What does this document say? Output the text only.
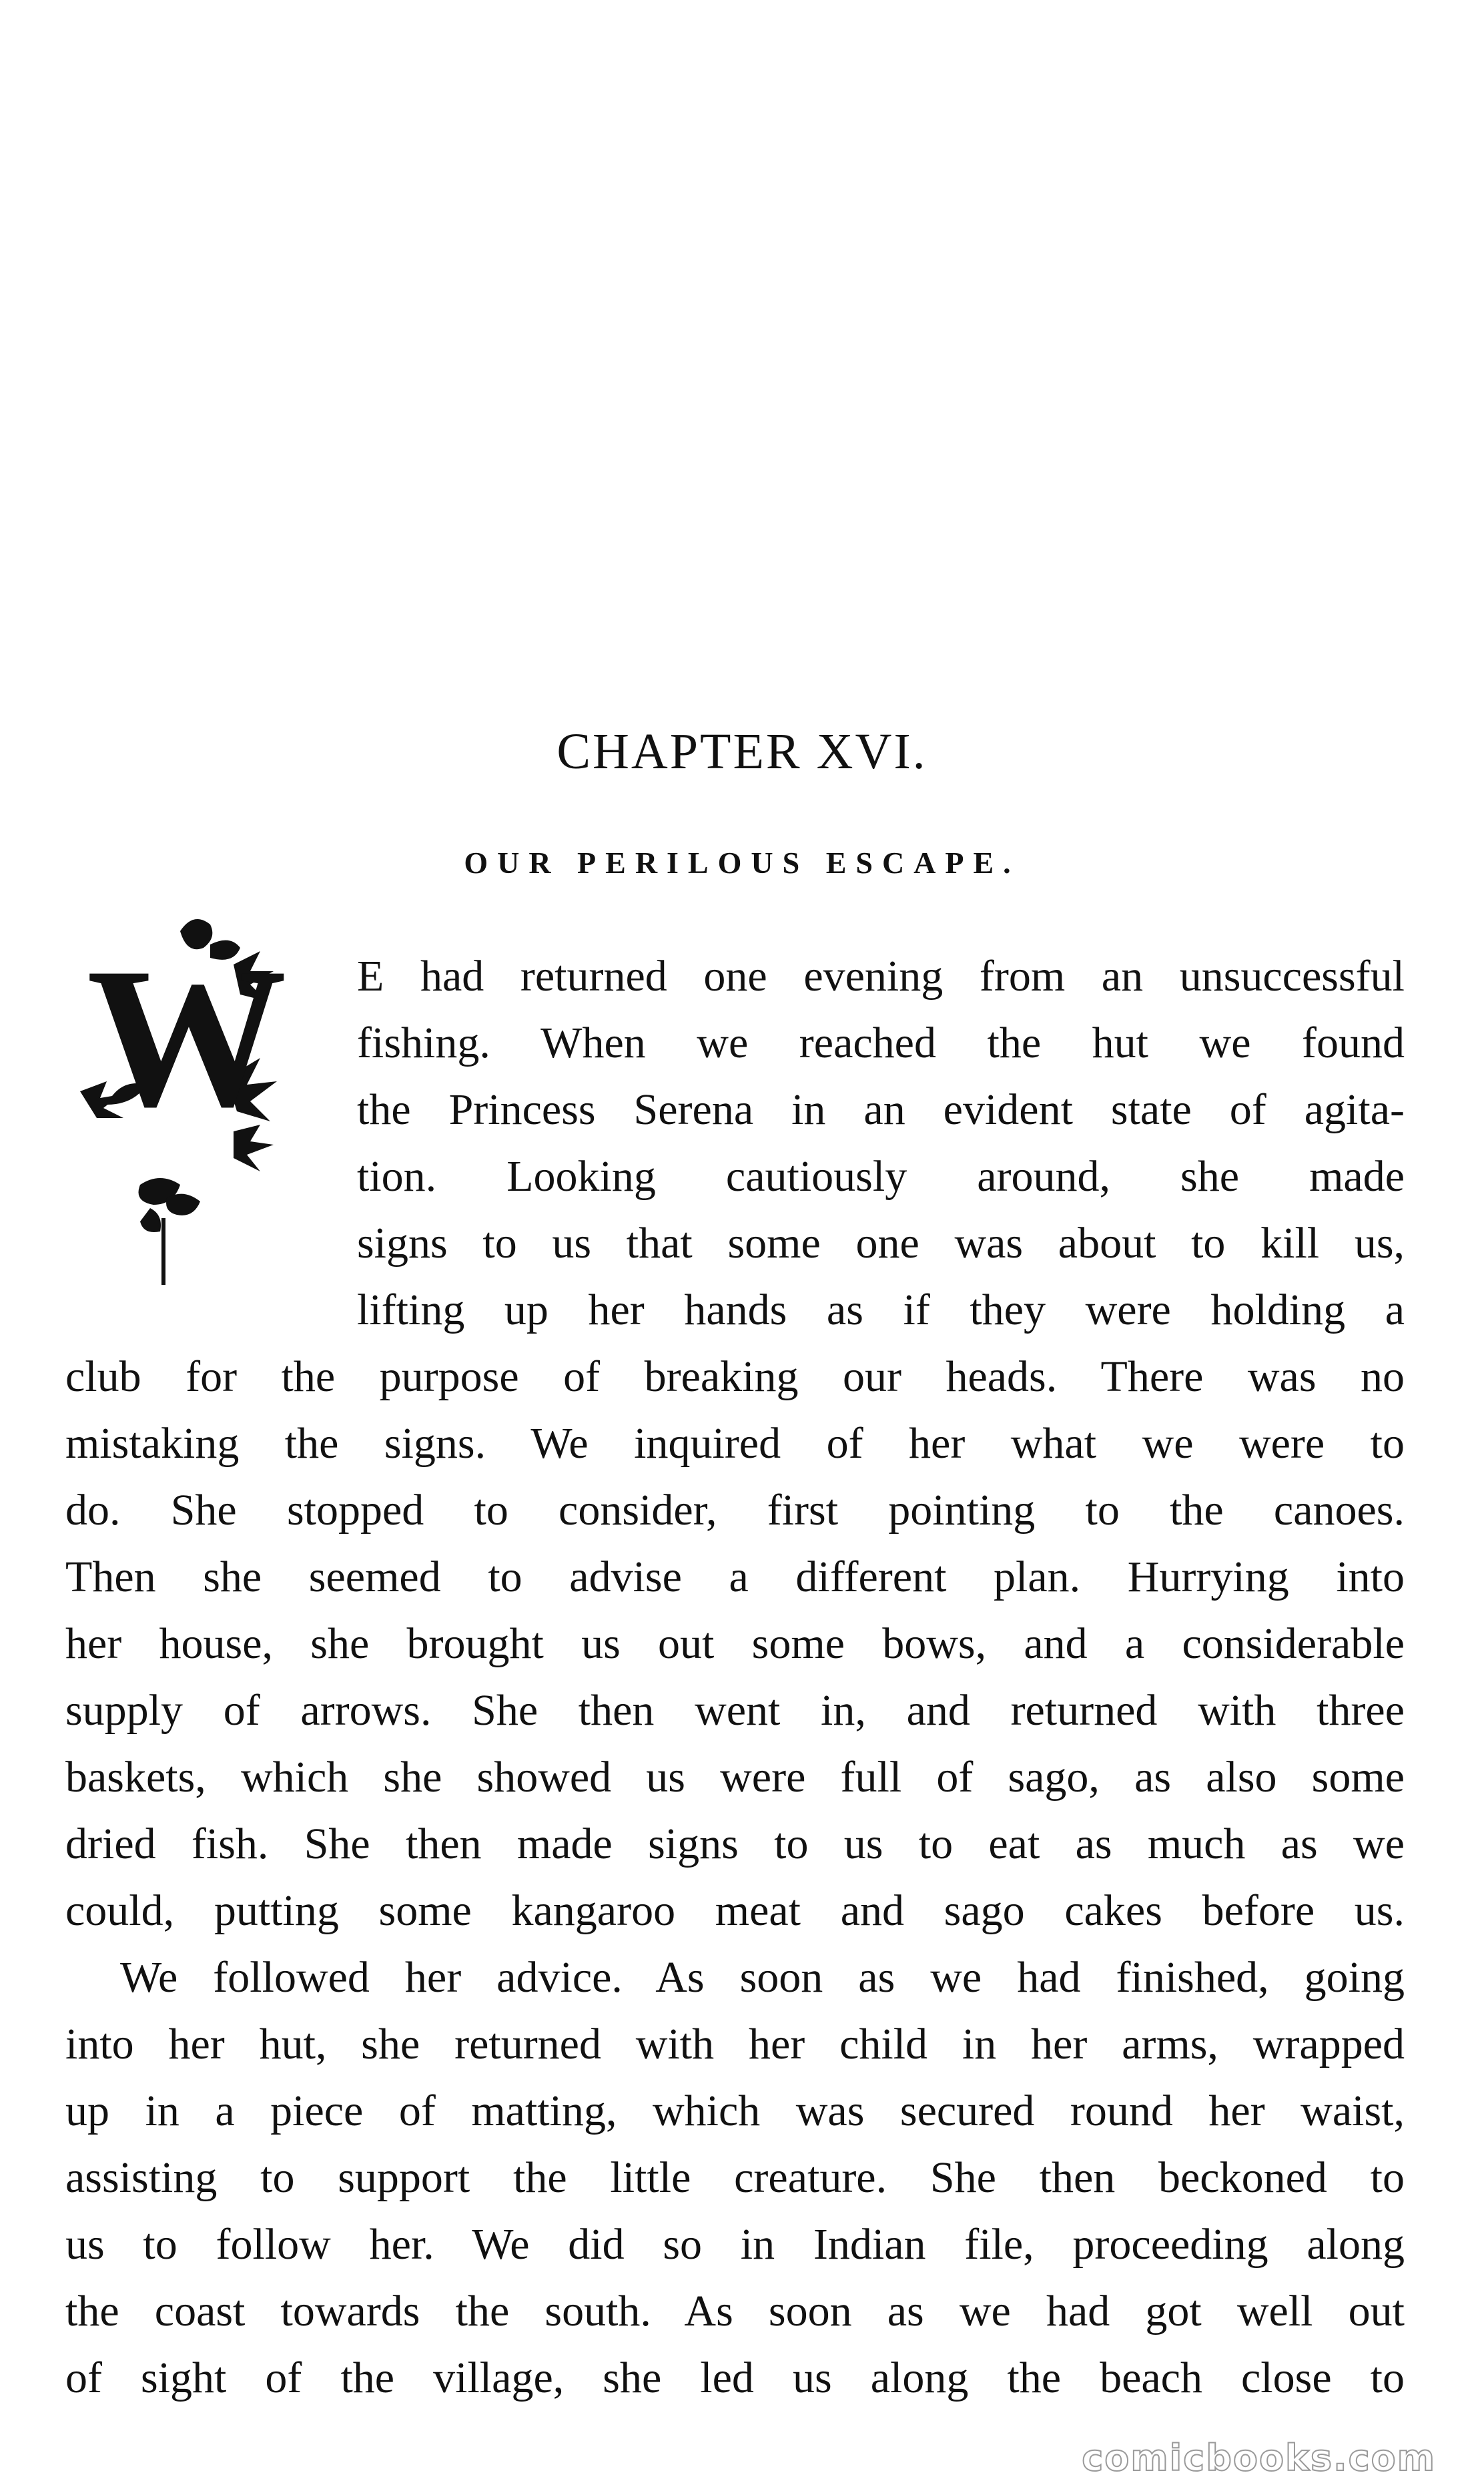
CHAPTER XVI.
OUR PERILOUS ESCAPE.
W E had returned one evening from an unsuccessful
fishing. When we reached the hut we found
the Princess Serena in an evident state of agita-
tion. Looking cautiously around, she made
signs to us that some one was about to kill us,
lifting up her hands as if they were holding a
club for the purpose of breaking our heads. There was no
mistaking the signs. We inquired of her what we were to
do. She stopped to consider, first pointing to the canoes.
Then she seemed to advise a different plan. Hurrying into
her house, she brought us out some bows, and a considerable
supply of arrows. She then went in, and returned with three
baskets, which she showed us were full of sago, as also some
dried fish. She then made signs to us to eat as much as we
could, putting some kangaroo meat and sago cakes before us.
We followed her advice. As soon as we had finished, going
into her hut, she returned with her child in her arms, wrapped
up in a piece of matting, which was secured round her waist,
assisting to support the little creature. She then beckoned to
us to follow her. We did so in Indian file, proceeding along
the coast towards the south. As soon as we had got well out
of sight of the village, she led us along the beach close to
comicbooks.com
